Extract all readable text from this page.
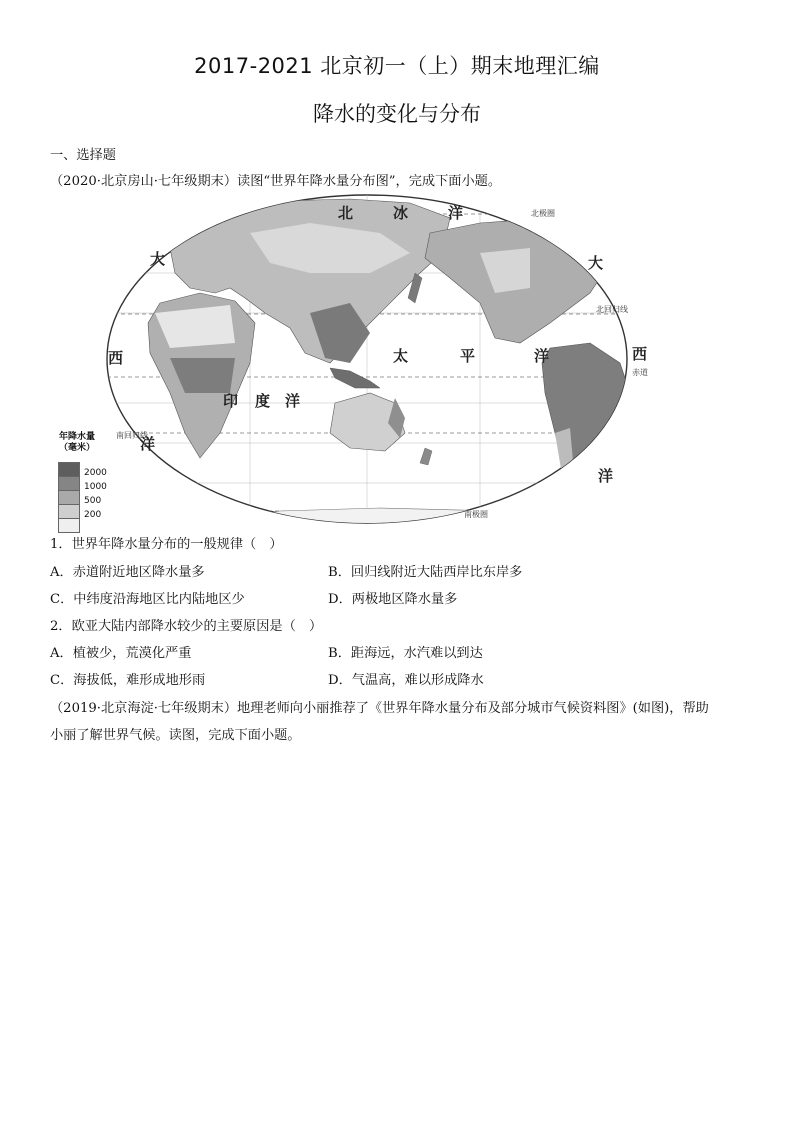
2017-2021 北京初一（上）期末地理汇编
降水的变化与分布
一、选择题
（2020·北京房山·七年级期末）读图“世界年降水量分布图”，完成下面小题。
北	冰	洋
大
西
洋
大
西
洋
太	平	洋
印 度 洋
北极圈
北回归线
赤道
南回归线
南极圈
年降水量（毫米）
2000
1000
500
200
1．世界年降水量分布的一般规律（　）
A．赤道附近地区降水量多	B．回归线附近大陆西岸比东岸多
C．中纬度沿海地区比内陆地区少	D．两极地区降水量多
2．欧亚大陆内部降水较少的主要原因是（　）
A．植被少，荒漠化严重	B．距海远，水汽难以到达
C．海拔低，难形成地形雨	D．气温高，难以形成降水
（2019·北京海淀·七年级期末）地理老师向小丽推荐了《世界年降水量分布及部分城市气候资料图》(如图)，帮助
小丽了解世界气候。读图，完成下面小题。
